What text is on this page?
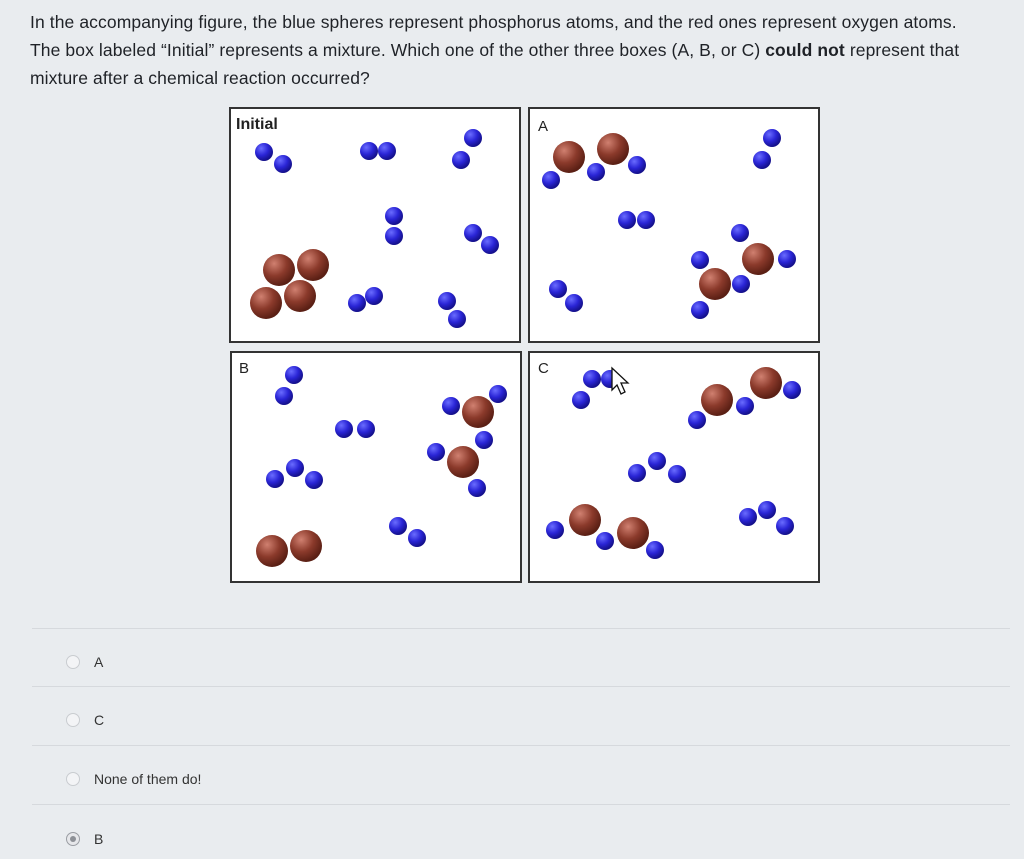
In the accompanying figure, the blue spheres represent phosphorus atoms, and the red ones represent oxygen atoms. The box labeled “Initial” represents a mixture. Which one of the other three boxes (A, B, or C) could not represent that mixture after a chemical reaction occurred?
Initial	A
B	C
A
C
None of them do!
B
